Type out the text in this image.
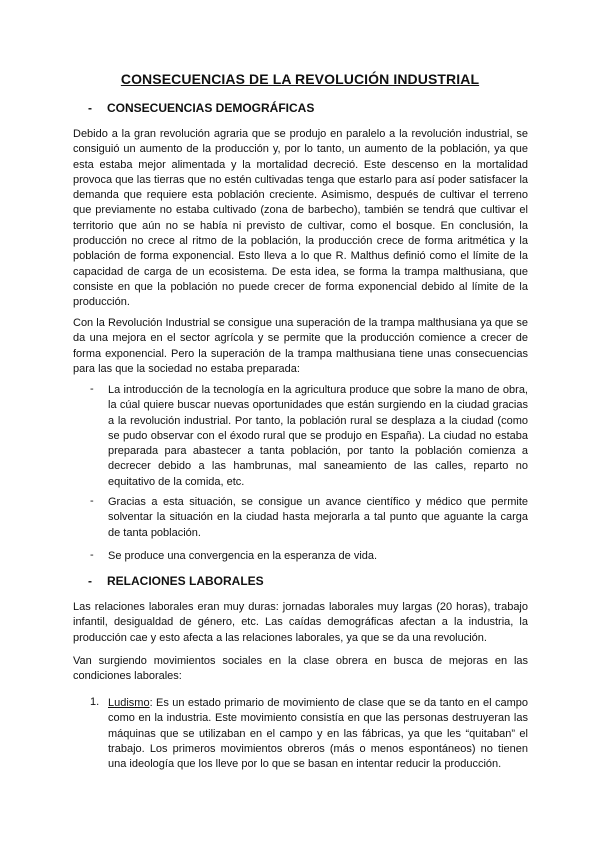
CONSECUENCIAS DE LA REVOLUCIÓN INDUSTRIAL
- CONSECUENCIAS DEMOGRÁFICAS

Debido a la gran revolución agraria que se produjo en paralelo a la revolución industrial, se consiguió un aumento de la producción y, por lo tanto, un aumento de la población, ya que esta estaba mejor alimentada y la mortalidad decreció. Este descenso en la mortalidad provoca que las tierras que no estén cultivadas tenga que estarlo para así poder satisfacer la demanda que requiere esta población creciente. Asimismo, después de cultivar el terreno que previamente no estaba cultivado (zona de barbecho), también se tendrá que cultivar el territorio que aún no se había ni previsto de cultivar, como el bosque. En conclusión, la producción no crece al ritmo de la población, la producción crece de forma aritmética y la población de forma exponencial. Esto lleva a lo que R. Malthus definió como el límite de la capacidad de carga de un ecosistema. De esta idea, se forma la trampa malthusiana, que consiste en que la población no puede crecer de forma exponencial debido al límite de la producción.

Con la Revolución Industrial se consigue una superación de la trampa malthusiana ya que se da una mejora en el sector agrícola y se permite que la producción comience a crecer de forma exponencial. Pero la superación de la trampa malthusiana tiene unas consecuencias para las que la sociedad no estaba preparada:

- La introducción de la tecnología en la agricultura produce que sobre la mano de obra, la cúal quiere buscar nuevas oportunidades que están surgiendo en la ciudad gracias a la revolución industrial. Por tanto, la población rural se desplaza a la ciudad (como se pudo observar con el éxodo rural que se produjo en España). La ciudad no estaba preparada para abastecer a tanta población, por tanto la población comienza a decrecer debido a las hambrunas, mal saneamiento de las calles, reparto no equitativo de la comida, etc.

- Gracias a esta situación, se consigue un avance científico y médico que permite solventar la situación en la ciudad hasta mejorarla a tal punto que aguante la carga de tanta población.

- Se produce una convergencia en la esperanza de vida.

- RELACIONES LABORALES

Las relaciones laborales eran muy duras: jornadas laborales muy largas (20 horas), trabajo infantil, desigualdad de género, etc. Las caídas demográficas afectan a la industria, la producción cae y esto afecta a las relaciones laborales, ya que se da una revolución.

Van surgiendo movimientos sociales en la clase obrera en busca de mejoras en las condiciones laborales:

1. Ludismo: Es un estado primario de movimiento de clase que se da tanto en el campo como en la industria. Este movimiento consistía en que las personas destruyeran las máquinas que se utilizaban en el campo y en las fábricas, ya que les “quitaban” el trabajo. Los primeros movimientos obreros (más o menos espontáneos) no tienen una ideología que los lleve por lo que se basan en intentar reducir la producción.
